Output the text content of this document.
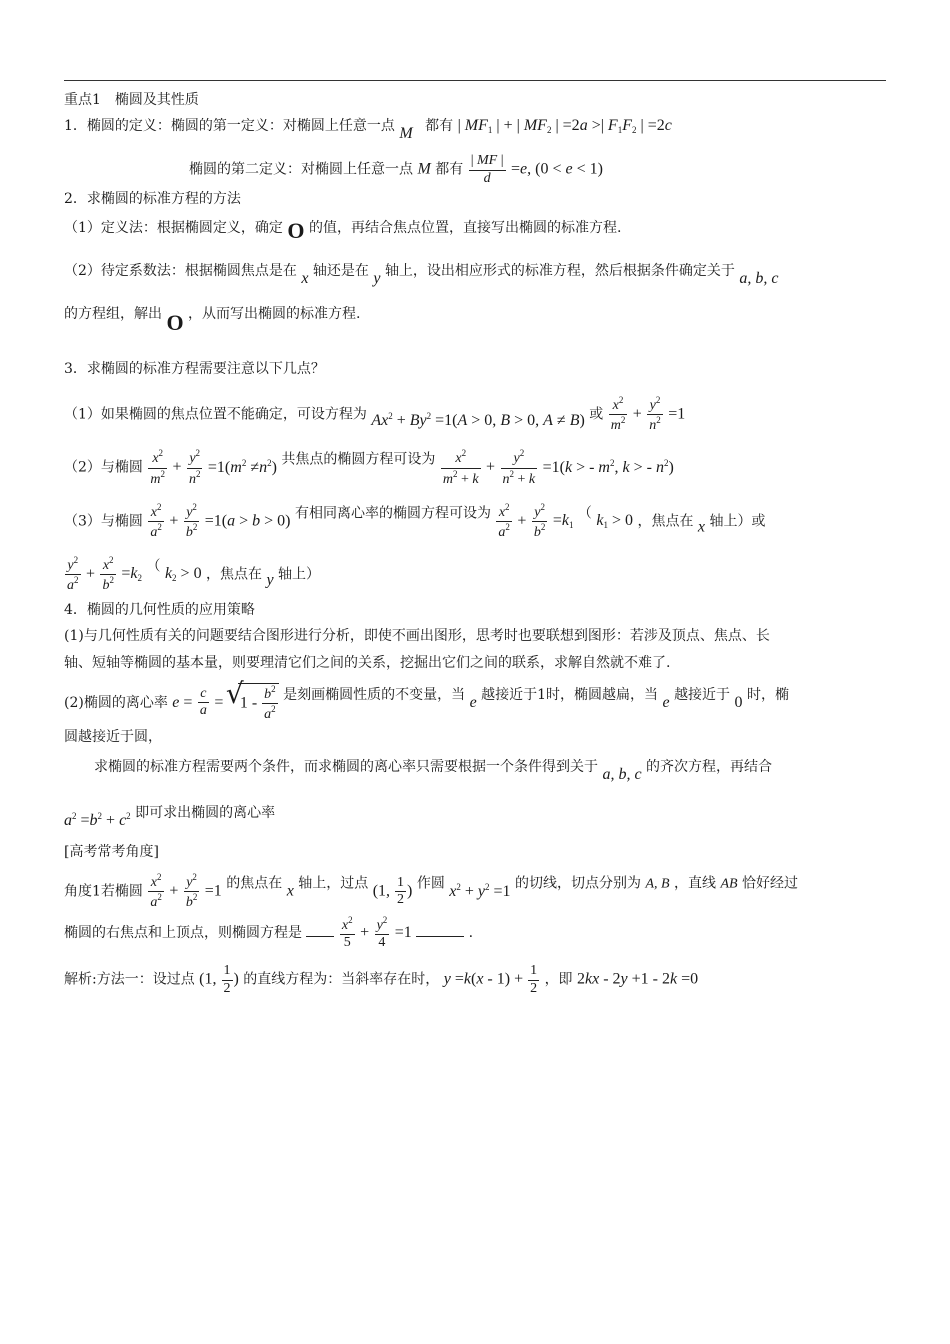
重点1　椭圆及其性质
1．椭圆的定义：椭圆的第一定义：对椭圆上任意一点 M 都有 | $MF_1$ | + | $MF_2$ | =2a >| $F_1F_2$ | =2c
椭圆的第二定义：对椭圆上任意一点 M 都有 $\frac{| MF |}{d} =e$, (0 < e < 1)
2．求椭圆的标准方程的方法
（1）定义法：根据椭圆定义，确定 O 的值，再结合焦点位置，直接写出椭圆的标准方程.
（2）待定系数法：根据椭圆焦点是在 x 轴还是在 y 轴上，设出相应形式的标准方程，然后根据条件确定关于 a, b, c
的方程组，解出 O ，从而写出椭圆的标准方程.
3．求椭圆的标准方程需要注意以下几点？
（1）如果椭圆的焦点位置不能确定，可设方程为 $Ax^2 + By^2 =1(A > 0$, B > 0, A ≠ B) 或 $\frac{x^2}{m^2} + \frac{y^2}{n^2} =1$
（2）与椭圆 $\frac{x^2}{m^2} + \frac{y^2}{n^2} =1(m^2 \ne n^2)$ 共焦点的椭圆方程可设为 $\frac{x^2}{m^2 + k} + \frac{y^2}{n^2 + k} =1(k$ > - $m^2$, k > - $n^2$)
（3）与椭圆 $\frac{x^2}{a^2} + \frac{y^2}{b^2} =1(a > b > 0)$ 有相同离心率的椭圆方程可设为 $\frac{x^2}{a^2} + \frac{y^2}{b^2} =k_1$ （ $k_1 > 0$ ，焦点在 x 轴上）或
$\frac{y^2}{a^2} + \frac{x^2}{b^2} =k_2$ （ $k_2 > 0$ ，焦点在 y 轴上）
4．椭圆的几何性质的应用策略
(1)与几何性质有关的问题要结合图形进行分析，即使不画出图形，思考时也要联想到图形：若涉及顶点、焦点、长
轴、短轴等椭圆的基本量，则要理清它们之间的关系，挖掘出它们之间的联系，求解自然就不难了.
(2)椭圆的离心率 $e = \frac{c}{a}$ = √ $1 - \frac{b^2}{a^2}$ 是刻画椭圆性质的不变量，当 e 越接近于1时，椭圆越扁，当 e 越接近于 0 时，椭
圆越接近于圆，
求椭圆的标准方程需要两个条件，而求椭圆的离心率只需要根据一个条件得到关于 a, b, c 的齐次方程，再结合
$a^2 =b^2 + c^2$ 即可求出椭圆的离心率
[高考常考角度]
角度1若椭圆 $\frac{x^2}{a^2} + \frac{y^2}{b^2} =1$ 的焦点在 x 轴上，过点 (1, $\frac{1}{2}$ ) 作圆 $x^2 + y^2 =1$ 的切线，切点分别为 A, B ，直线 AB 恰好经过
椭圆的右焦点和上顶点，则椭圆方程是	$\frac{x^2}{5} + \frac{y^2}{4} =1$	.
解析:方法一：设过点 (1, $\frac{1}{2}$ ) 的直线方程为：当斜率存在时， $y =k(x - 1) + \frac{1}{2}$ ，即 2kx - 2y +1 - 2k =0
